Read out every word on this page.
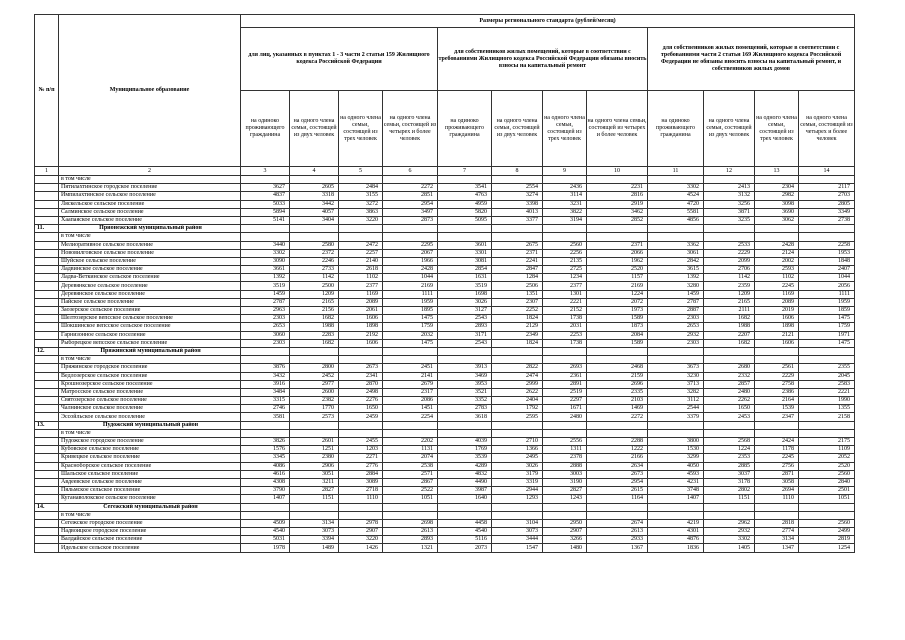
№ п/п	Муниципальное образование	Размеры регионального стандарта (рублей/месяц)											
		для лиц, указанных в пунктах 1 - 3 части 2 статьи 159 Жилищного кодекса Российской Федерации				для собственников жилых помещений, которые в соответствии с требованиями Жилищного кодекса Российской Федерации обязаны вносить взносы на капитальный ремонт				для собственников жилых помещений, которые в соответствии с требованиями части 2 статьи 169 Жилищного кодекса Российской Федерации не обязаны вносить взносы на капитальный ремонт, и собственников жилых домов			
		на одиноко проживающего гражданина	на одного члена семьи, состоящей из двух человек	на одного члена семьи, состоящей из трех человек	на одного члена семьи, состоящей из четырех и более человек	на одиноко проживающего гражданина	на одного члена семьи, состоящей из двух человек	на одного члена семьи, состоящей из трех человек	на одного члена семьи, состоящей из четырех и более человек	на одиноко проживающего гражданина	на одного члена семьи, состоящей из двух человек	на одного члена семьи, состоящей из трех человек	на одного члена семьи, состоящей из четырех и более человек
1	2	3	4	5	6	7	8	9	10	11	12	13	14
	в том числе												
	Пятилахтинское городское поселение	3627	2605	2484	2272	3541	2554	2436	2231	3302	2413	2304	2117
	Импилахтинское сельское поселение	4837	3318	3155	2851	4763	3274	3114	2816	4524	3132	2982	2703
	Ляскельское сельское поселение	5033	3442	3272	2954	4959	3398	3231	2919	4720	3256	3098	2805
	Салминское сельское поселение	5894	4057	3863	3497	5820	4013	3822	3462	5581	3871	3690	3349
	Хаапаяское сельское поселение	5141	3404	3220	2873	5095	3377	3194	2852	4856	3235	3062	2738
11.	Прионежский муниципальный район												
	в том числе												
	Мелиоративное сельское поселение	3440	2580	2472	2295	3601	2675	2560	2371	3362	2533	2428	2258
	Нововилговское сельское поселение	3302	2372	2257	2067	3301	2371	2256	2066	3061	2229	2124	1953
	Шуйское сельское поселение	3090	2246	2140	1966	3081	2241	2135	1962	2842	2099	2002	1848
	Ладвинское сельское поселение	3661	2733	2618	2428	2854	2847	2725	2520	3615	2706	2593	2407
	Ладва-Веткинское сельское поселение	1392	1142	1102	1044	1631	1284	1234	1157	1392	1142	1102	1044
	Деревянкское сельское поселение	3519	2500	2377	2169	3519	2506	2377	2169	3280	2359	2245	2056
	Деревянское сельское поселение	1459	1209	1169	1111	1698	1351	1301	1224	1459	1209	1169	1111
	Пайское сельское поселение	2787	2165	2089	1959	3026	2307	2221	2072	2787	2165	2089	1959
	Заозерское сельское поселение	2963	2156	2061	1895	3127	2252	2152	1973	2887	2111	2019	1859
	Шелтозерское вепсское сельское поселение	2303	1682	1606	1475	2543	1824	1738	1589	2303	1682	1606	1475
	Шокшинское вепсское сельское поселение	2653	1988	1898	1759	2893	2129	2031	1873	2653	1988	1898	1759
	Гарнизонное сельское поселение	3060	2283	2192	2032	3171	2349	2253	2084	2932	2207	2121	1971
	Рыборецкое вепсское сельское поселение	2303	1682	1606	1475	2543	1824	1738	1589	2303	1682	1606	1475
12.	Пряжинский муниципальный район												
	в том числе												
	Пряжинское городское поселение	3876	2800	2673	2451	3913	2822	2693	2468	3673	2680	2561	2355
	Ведлозерское сельское поселение	3432	2452	2341	2141	3469	2474	2361	2159	3230	2332	2229	2045
	Крошнозерское сельское поселение	3916	2977	2870	2679	3953	2999	2891	2696	3713	2857	2758	2583
	Матросское сельское поселение	3484	2600	2498	2317	3521	2622	2519	2335	3282	2480	2386	2221
	Святозерское сельское поселение	3315	2382	2276	2086	3352	2404	2297	2103	3112	2262	2164	1990
	Чалнинское сельское поселение	2746	1770	1650	1451	2783	1792	1671	1469	2544	1650	1539	1355
	Эссойльское сельское поселение	3581	2573	2459	2254	3618	2595	2480	2272	3379	2453	2347	2158
13.	Пудожский муниципальный район												
	в том числе												
	Пудожское городское поселение	3826	2601	2455	2202	4039	2710	2556	2288	3800	2568	2424	2175
	Кубовское сельское поселение	1576	1251	1203	1131	1769	1366	1311	1222	1530	1224	1178	1109
	Кривецкое сельское поселение	3345	2380	2271	2074	3539	2495	2378	2166	3299	2353	2245	2052
	Красноборское сельское поселение	4086	2906	2776	2538	4289	3026	2888	2634	4050	2885	2756	2520
	Шальское сельское поселение	4616	3051	2884	2571	4832	3179	3003	2673	4593	3037	2871	2560
	Авдеевское сельское поселение	4308	3211	3089	2867	4490	3319	3190	2954	4231	3178	3058	2840
	Пяльмское сельское поселение	3790	2827	2718	2522	3987	2944	2827	2615	3748	2802	2694	2501
	Куганаволокское сельское поселение	1407	1151	1110	1051	1640	1293	1243	1164	1407	1151	1110	1051
14.	Сегежский муниципальный район												
	в том числе												
	Сегежское городское поселение	4509	3134	2978	2698	4458	3104	2950	2674	4219	2962	2818	2560
	Надвоицкое городское поселение	4540	3073	2907	2613	4540	3073	2907	2613	4301	2932	2774	2499
	Валдайское сельское поселение	5031	3394	3220	2893	5116	3444	3266	2933	4876	3302	3134	2819
	Идельское сельское поселение	1978	1489	1426	1321	2073	1547	1480	1367	1836	1405	1347	1254
